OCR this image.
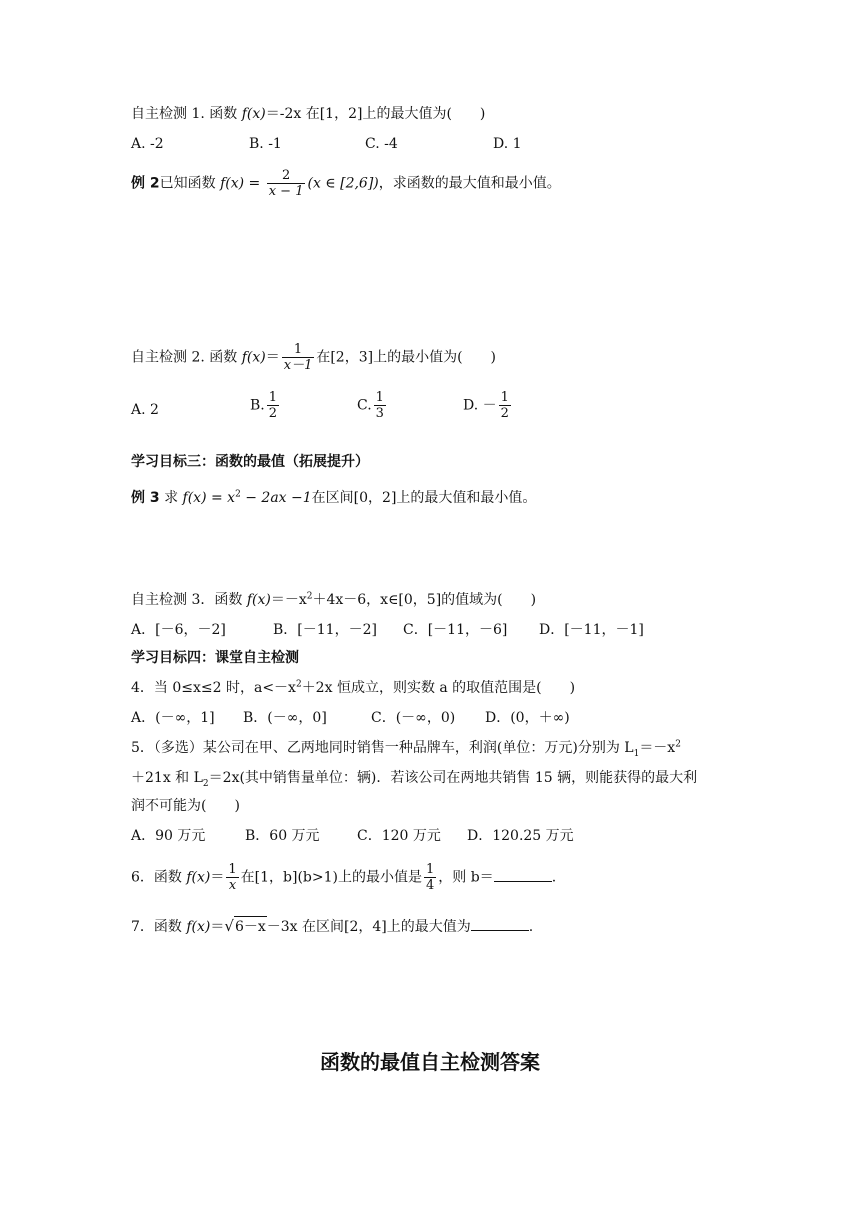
自主检测 1. 函数 f(x)＝-2x 在[1，2]上的最大值为(　　)
A. -2	B. -1	C. -4	D. 1
例 2已知函数 $f(x) = \frac{2}{x - 1} (x$ ∈ [2,6])，求函数的最大值和最小值。
自主检测 2. 函数 $f(x)= \frac{1}{x-1}$ 在[2，3]上的最小值为(　　)
A. 2	B. $\frac{1}{2}$	C. $\frac{1}{3}$	D. － $\frac{1}{2}$
学习目标三：函数的最值（拓展提升）
例 3 求 $f(x) = x^2 - 2ax -1$在区间[0，2]上的最大值和最小值。
自主检测 3．函数 $f(x)=-x^2+4x-6$，x∈[0，5]的值域为(　　)
A．[－6，－2]	B．[－11，－2] C．[－11，－6] D．[－11，－1]
学习目标四：课堂自主检测
4．当 0≤x≤2 时，$a<-x^2+2x$ 恒成立，则实数 a 的取值范围是(　　)
A．(－∞，1] B．(－∞，0]	C．(－∞，0) D．(0，＋∞)
5．（多选）某公司在甲、乙两地同时销售一种品牌车，利润(单位：万元)分别为 $L_1=-x^2$
＋21x 和 $L_2=2x$(其中销售量单位：辆)．若该公司在两地共销售 15 辆，则能获得的最大利
润不可能为(　　)
A．90 万元	B．60 万元	C．120 万元 D．120.25 万元
6．函数 $f(x)= \frac{1}{x}$ 在[1，b](b>1)上的最小值是 $\frac{1}{4}$ ，则 b＝	.
7．函数 f(x)＝√6－x－3x 在区间[2，4]上的最大值为	.
函数的最值自主检测答案
